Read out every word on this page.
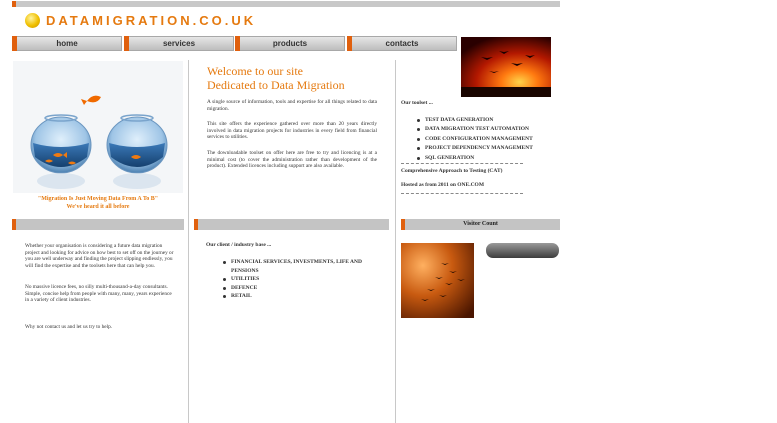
DATAMIGRATION.CO.UK
home	services	products	contacts
"Migration Is Just Moving Data From A To B"
We've heard it all before
Welcome to our site
Dedicated to Data Migration
A single source of information, tools and expertise for all things related to data migration.
This site offers the experience gathered over more than 20 years directly involved in data migration projects for industries in every field from financial services to utilities.
The downloadable toolset on offer here are free to try and licencing is at a minimal cost (to cover the administration rather than development of the product). Extended licences including support are also available.
Our toolset ...
TEST DATA GENERATION
DATA MIGRATION TEST AUTOMATION
CODE CONFIGURATION MANAGEMENT
PROJECT DEPENDENCY MANAGEMENT
SQL GENERATION
Comprehensive Approach to Testing (CAT)
Hosted as from 2011 on ONE.COM
Visitor Count
Whether your organisation is considering a future data migration project and looking for advice on how best to set off on the journey or you are well underway and finding the project slipping endlessly, you will find the expertise and the toolsets here that can help you.
No massive licence fees, no silly multi-thousand-a-day consultants. Simple, concise help from people with many, many, years experience in a variety of client industries.
Why not contact us and let us try to help.
Our client / industry base ...
FINANCIAL SERVICES, INVESTMENTS, LIFE AND PENSIONS
UTILITIES
DEFENCE
RETAIL
